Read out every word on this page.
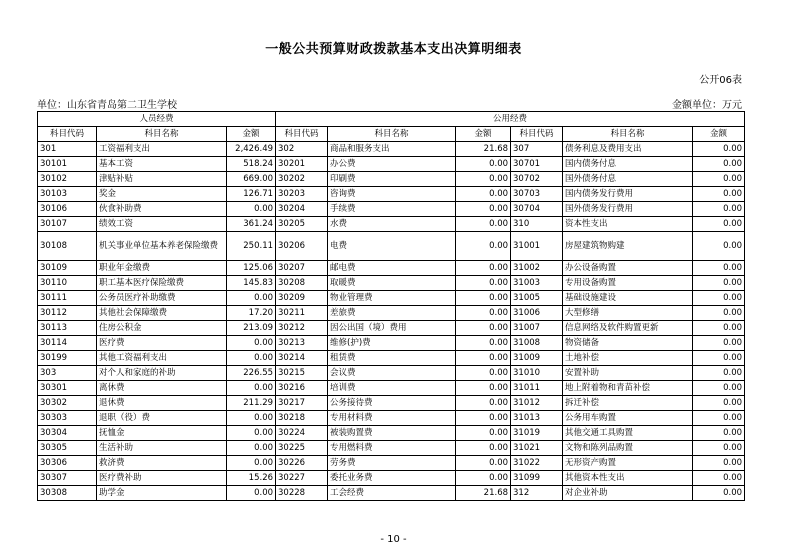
一般公共预算财政拨款基本支出决算明细表
公开06表
单位：山东省青岛第二卫生学校	金额单位：万元
人员经费			公用经费					
科目代码	科目名称	金额	科目代码	科目名称	金额	科目代码	科目名称	金额
301	工资福利支出	2,426.49	302	商品和服务支出	21.68	307	债务利息及费用支出	0.00
30101	基本工资	518.24	30201	办公费	0.00	30701	国内债务付息	0.00
30102	津贴补贴	669.00	30202	印刷费	0.00	30702	国外债务付息	0.00
30103	奖金	126.71	30203	咨询费	0.00	30703	国内债务发行费用	0.00
30106	伙食补助费	0.00	30204	手续费	0.00	30704	国外债务发行费用	0.00
30107	绩效工资	361.24	30205	水费	0.00	310	资本性支出	0.00
30108	机关事业单位基本养老保险缴费	250.11	30206	电费	0.00	31001	房屋建筑物购建	0.00
30109	职业年金缴费	125.06	30207	邮电费	0.00	31002	办公设备购置	0.00
30110	职工基本医疗保险缴费	145.83	30208	取暖费	0.00	31003	专用设备购置	0.00
30111	公务员医疗补助缴费	0.00	30209	物业管理费	0.00	31005	基础设施建设	0.00
30112	其他社会保障缴费	17.20	30211	差旅费	0.00	31006	大型修缮	0.00
30113	住房公积金	213.09	30212	因公出国（境）费用	0.00	31007	信息网络及软件购置更新	0.00
30114	医疗费	0.00	30213	维修(护)费	0.00	31008	物资储备	0.00
30199	其他工资福利支出	0.00	30214	租赁费	0.00	31009	土地补偿	0.00
303	对个人和家庭的补助	226.55	30215	会议费	0.00	31010	安置补助	0.00
30301	离休费	0.00	30216	培训费	0.00	31011	地上附着物和青苗补偿	0.00
30302	退休费	211.29	30217	公务接待费	0.00	31012	拆迁补偿	0.00
30303	退职（役）费	0.00	30218	专用材料费	0.00	31013	公务用车购置	0.00
30304	抚恤金	0.00	30224	被装购置费	0.00	31019	其他交通工具购置	0.00
30305	生活补助	0.00	30225	专用燃料费	0.00	31021	文物和陈列品购置	0.00
30306	救济费	0.00	30226	劳务费	0.00	31022	无形资产购置	0.00
30307	医疗费补助	15.26	30227	委托业务费	0.00	31099	其他资本性支出	0.00
30308	助学金	0.00	30228	工会经费	21.68	312	对企业补助	0.00
- 10 -
